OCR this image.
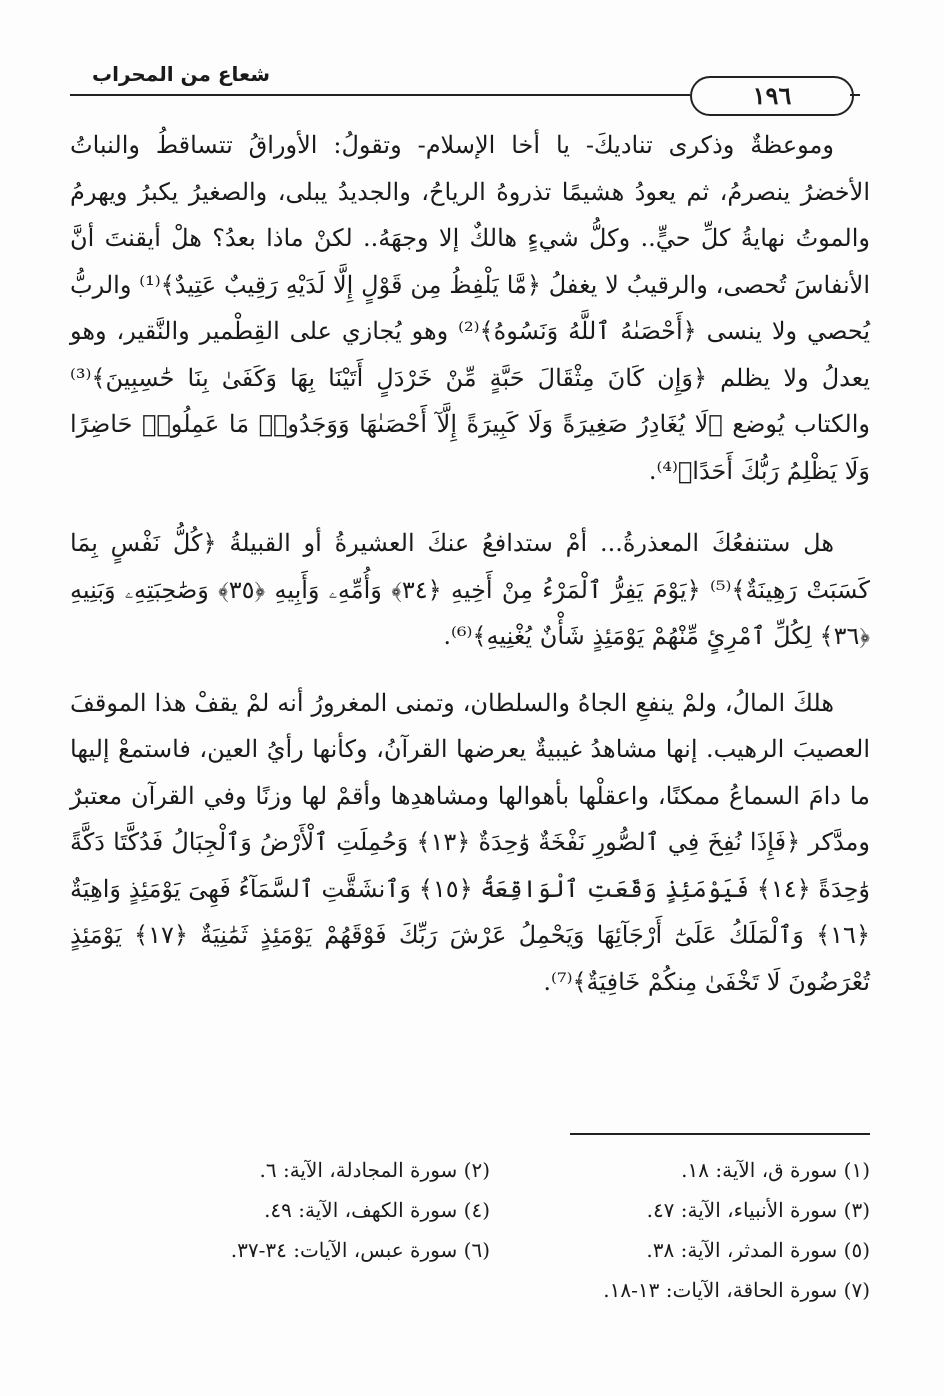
شعاع من المحراب
١٩٦

وموعظةٌ وذكرى تناديكَ- يا أخا الإسلام- وتقولُ: الأوراقُ تتساقطُ والنباتُ الأخضرُ ينصرمُ، ثم يعودُ هشيمًا تذروهُ الرياحُ، والجديدُ يبلى، والصغيرُ يكبرُ ويهرمُ والموتُ نهايةُ كلِّ حيٍّ.. وكلُّ شيءٍ هالكٌ إلا وجهَهُ.. لكنْ ماذا بعدُ؟ هلْ أيقنتَ أنَّ الأنفاسَ تُحصى، والرقيبُ لا يغفلُ ﴿مَّا يَلْفِظُ مِن قَوْلٍ إِلَّا لَدَيْهِ رَقِيبٌ عَتِيدٌ﴾⁽¹⁾ والربُّ يُحصي ولا ينسى ﴿أَحْصَىٰهُ ٱللَّهُ وَنَسُوهُ﴾⁽²⁾ وهو يُجازي على القِطْمير والنَّقير، وهو يعدلُ ولا يظلم ﴿وَإِن كَانَ مِثْقَالَ حَبَّةٍ مِّنْ خَرْدَلٍ أَتَيْنَا بِهَا وَكَفَىٰ بِنَا حَٰسِبِينَ﴾⁽³⁾ والكتاب يُوضع ﴿لَا يُغَادِرُ صَغِيرَةً وَلَا كَبِيرَةً إِلَّآ أَحْصَىٰهَا وَوَجَدُوا۟ مَا عَمِلُوا۟ حَاضِرًا وَلَا يَظْلِمُ رَبُّكَ أَحَدًا﴾⁽⁴⁾.

هل ستنفعُكَ المعذرةُ... أمْ ستدافعُ عنكَ العشيرةُ أو القبيلةُ ﴿كُلُّ نَفْسٍ بِمَا كَسَبَتْ رَهِينَةٌ﴾⁽⁵⁾ ﴿يَوْمَ يَفِرُّ ٱلْمَرْءُ مِنْ أَخِيهِ ﴿٣٤﴾ وَأُمِّهِۦ وَأَبِيهِ ﴿٣٥﴾ وَصَٰحِبَتِهِۦ وَبَنِيهِ ﴿٣٦﴾ لِكُلِّ ٱمْرِئٍ مِّنْهُمْ يَوْمَئِذٍ شَأْنٌ يُغْنِيهِ﴾⁽⁶⁾.

هلكَ المالُ، ولمْ ينفعِ الجاهُ والسلطان، وتمنى المغرورُ أنه لمْ يقفْ هذا الموقفَ العصيبَ الرهيب. إنها مشاهدُ غيبيةٌ يعرضها القرآنُ، وكأنها رأيُ العين، فاستمعْ إليها ما دامَ السماعُ ممكنًا، واعقلْها بأهوالها ومشاهدِها وأقمْ لها وزنًا وفي القرآن معتبرٌ ومدَّكر ﴿فَإِذَا نُفِخَ فِي ٱلصُّورِ نَفْخَةٌ وَٰحِدَةٌ ﴿١٣﴾ وَحُمِلَتِ ٱلْأَرْضُ وَٱلْجِبَالُ فَدُكَّتَا دَكَّةً وَٰحِدَةً ﴿١٤﴾ فَيَوْمَئِذٍ وَقَعَتِ ٱلْوَاقِعَةُ ﴿١٥﴾ وَٱنشَقَّتِ ٱلسَّمَآءُ فَهِىَ يَوْمَئِذٍ وَاهِيَةٌ ﴿١٦﴾ وَٱلْمَلَكُ عَلَىٰٓ أَرْجَآئِهَا وَيَحْمِلُ عَرْشَ رَبِّكَ فَوْقَهُمْ يَوْمَئِذٍ ثَمَٰنِيَةٌ ﴿١٧﴾ يَوْمَئِذٍ تُعْرَضُونَ لَا تَخْفَىٰ مِنكُمْ خَافِيَةٌ﴾⁽⁷⁾.

(١) سورة ق، الآية: ١٨.
(٢) سورة المجادلة، الآية: ٦.
(٣) سورة الأنبياء، الآية: ٤٧.
(٤) سورة الكهف، الآية: ٤٩.
(٥) سورة المدثر، الآية: ٣٨.
(٦) سورة عبس، الآيات: ٣٤-٣٧.
(٧) سورة الحاقة، الآيات: ١٣-١٨.
